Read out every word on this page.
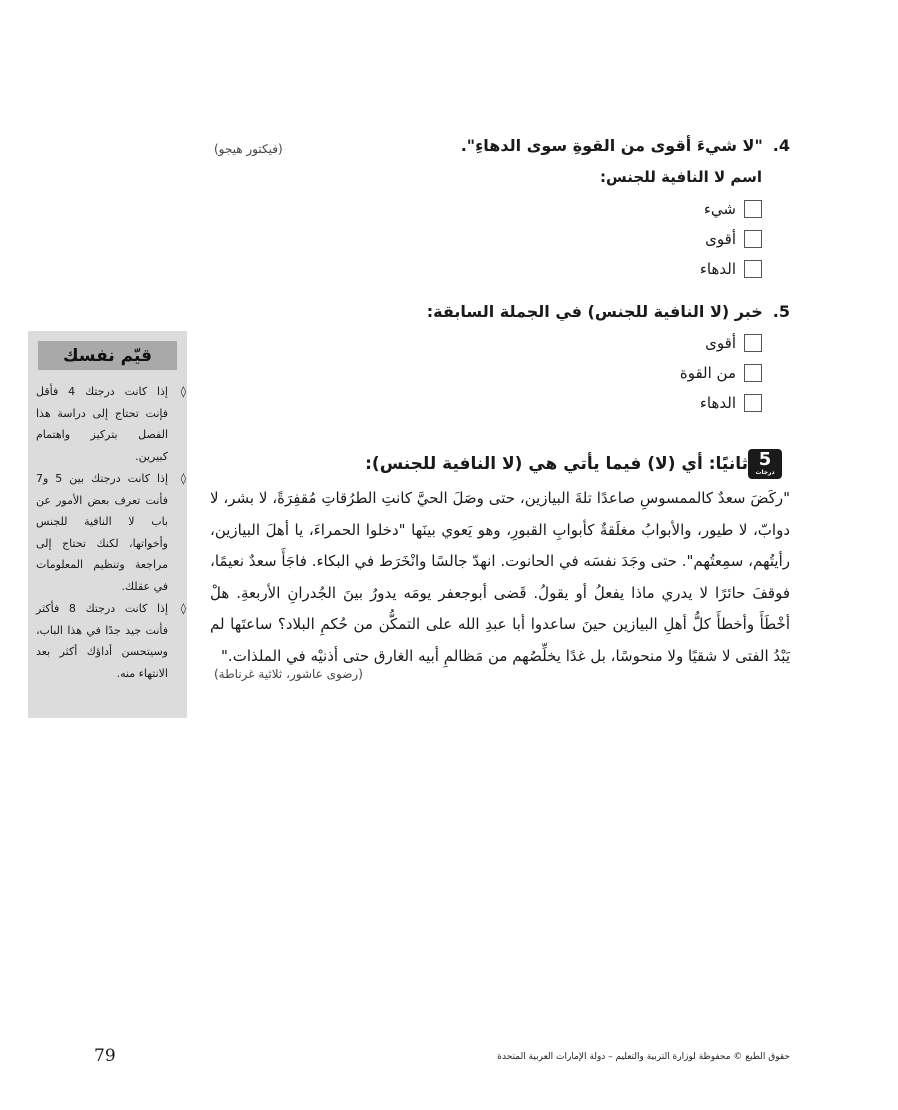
4."لا شيءَ أقوى من القوةِ سوى الدهاءِ".
(فيكتور هيجو)
اسم لا النافية للجنس:
شيء
أقوى
الدهاء
5.خبر (لا النافية للجنس) في الجملة السابقة:
أقوى
من القوة
الدهاء
قيّم نفسك
◊
إذا كانت درجتك 4 فأقل فإنت تحتاج إلى دراسة هذا الفصل بتركيز واهتمام كبيرين.
◊
إذا كانت درجتك بين 5 و7 فأنت تعرف بعض الأمور عن باب لا النافية للجنس وأخواتها، لكنك تحتاج إلى مراجعة وتنظيم المعلومات في عقلك.
◊
إذا كانت درجتك 8 فأكثر فأنت جيد جدًا في هذا الباب، وسيتحسن أداؤك أكثر بعد الانتهاء منه.
ثانيًا: أي (لا) فيما يأتي هي (لا النافية للجنس): 5
درجات
"ركَضَ سعدٌ كالممسوسِ صاعدًا تلةَ البيازين، حتى وصَلَ الحيَّ كانتِ الطرُقاتِ مُقفِرَةً، لا بشر، لا دوابّ، لا طيور، والأبوابُ مغلَقةٌ كأبوابِ القبورِ، وهو يَعوي بينَها "دخلوا الحمراءَ، يا أهلَ البيازين، رأيتُهم، سمِعتُهم". حتى وجَدَ نفسَه في الحانوت. انهدّ جالسًا وانْخَرَط في البكاء. فاجَأَ سعدٌ نعيمًا، فوقفَ حائرًا لا يدري ماذا يفعلُ أو يقولُ. قَضى أبوجعفر يومَه يدورُ بينَ الجُدرانِ الأربعةِ. هلْ أخْطَأَ وأخطأَ كلُّ أهلِ البيازين حينَ ساعدوا أبا عبدِ الله على التمكُّن من حُكمِ البلاد؟ ساعتَها لم يَبْدُ الفتى لا شقيًا ولا منحوسًا، بل غدًا يخلِّصُهم من مَظالمِ أبيه الغارق حتى أذنيْه في الملذات."
(رضوى عاشور، ثلاثية غرناطة)
79	حقوق الطبع © محفوظة لوزارة التربية والتعليم – دولة الإمارات العربية المتحدة
